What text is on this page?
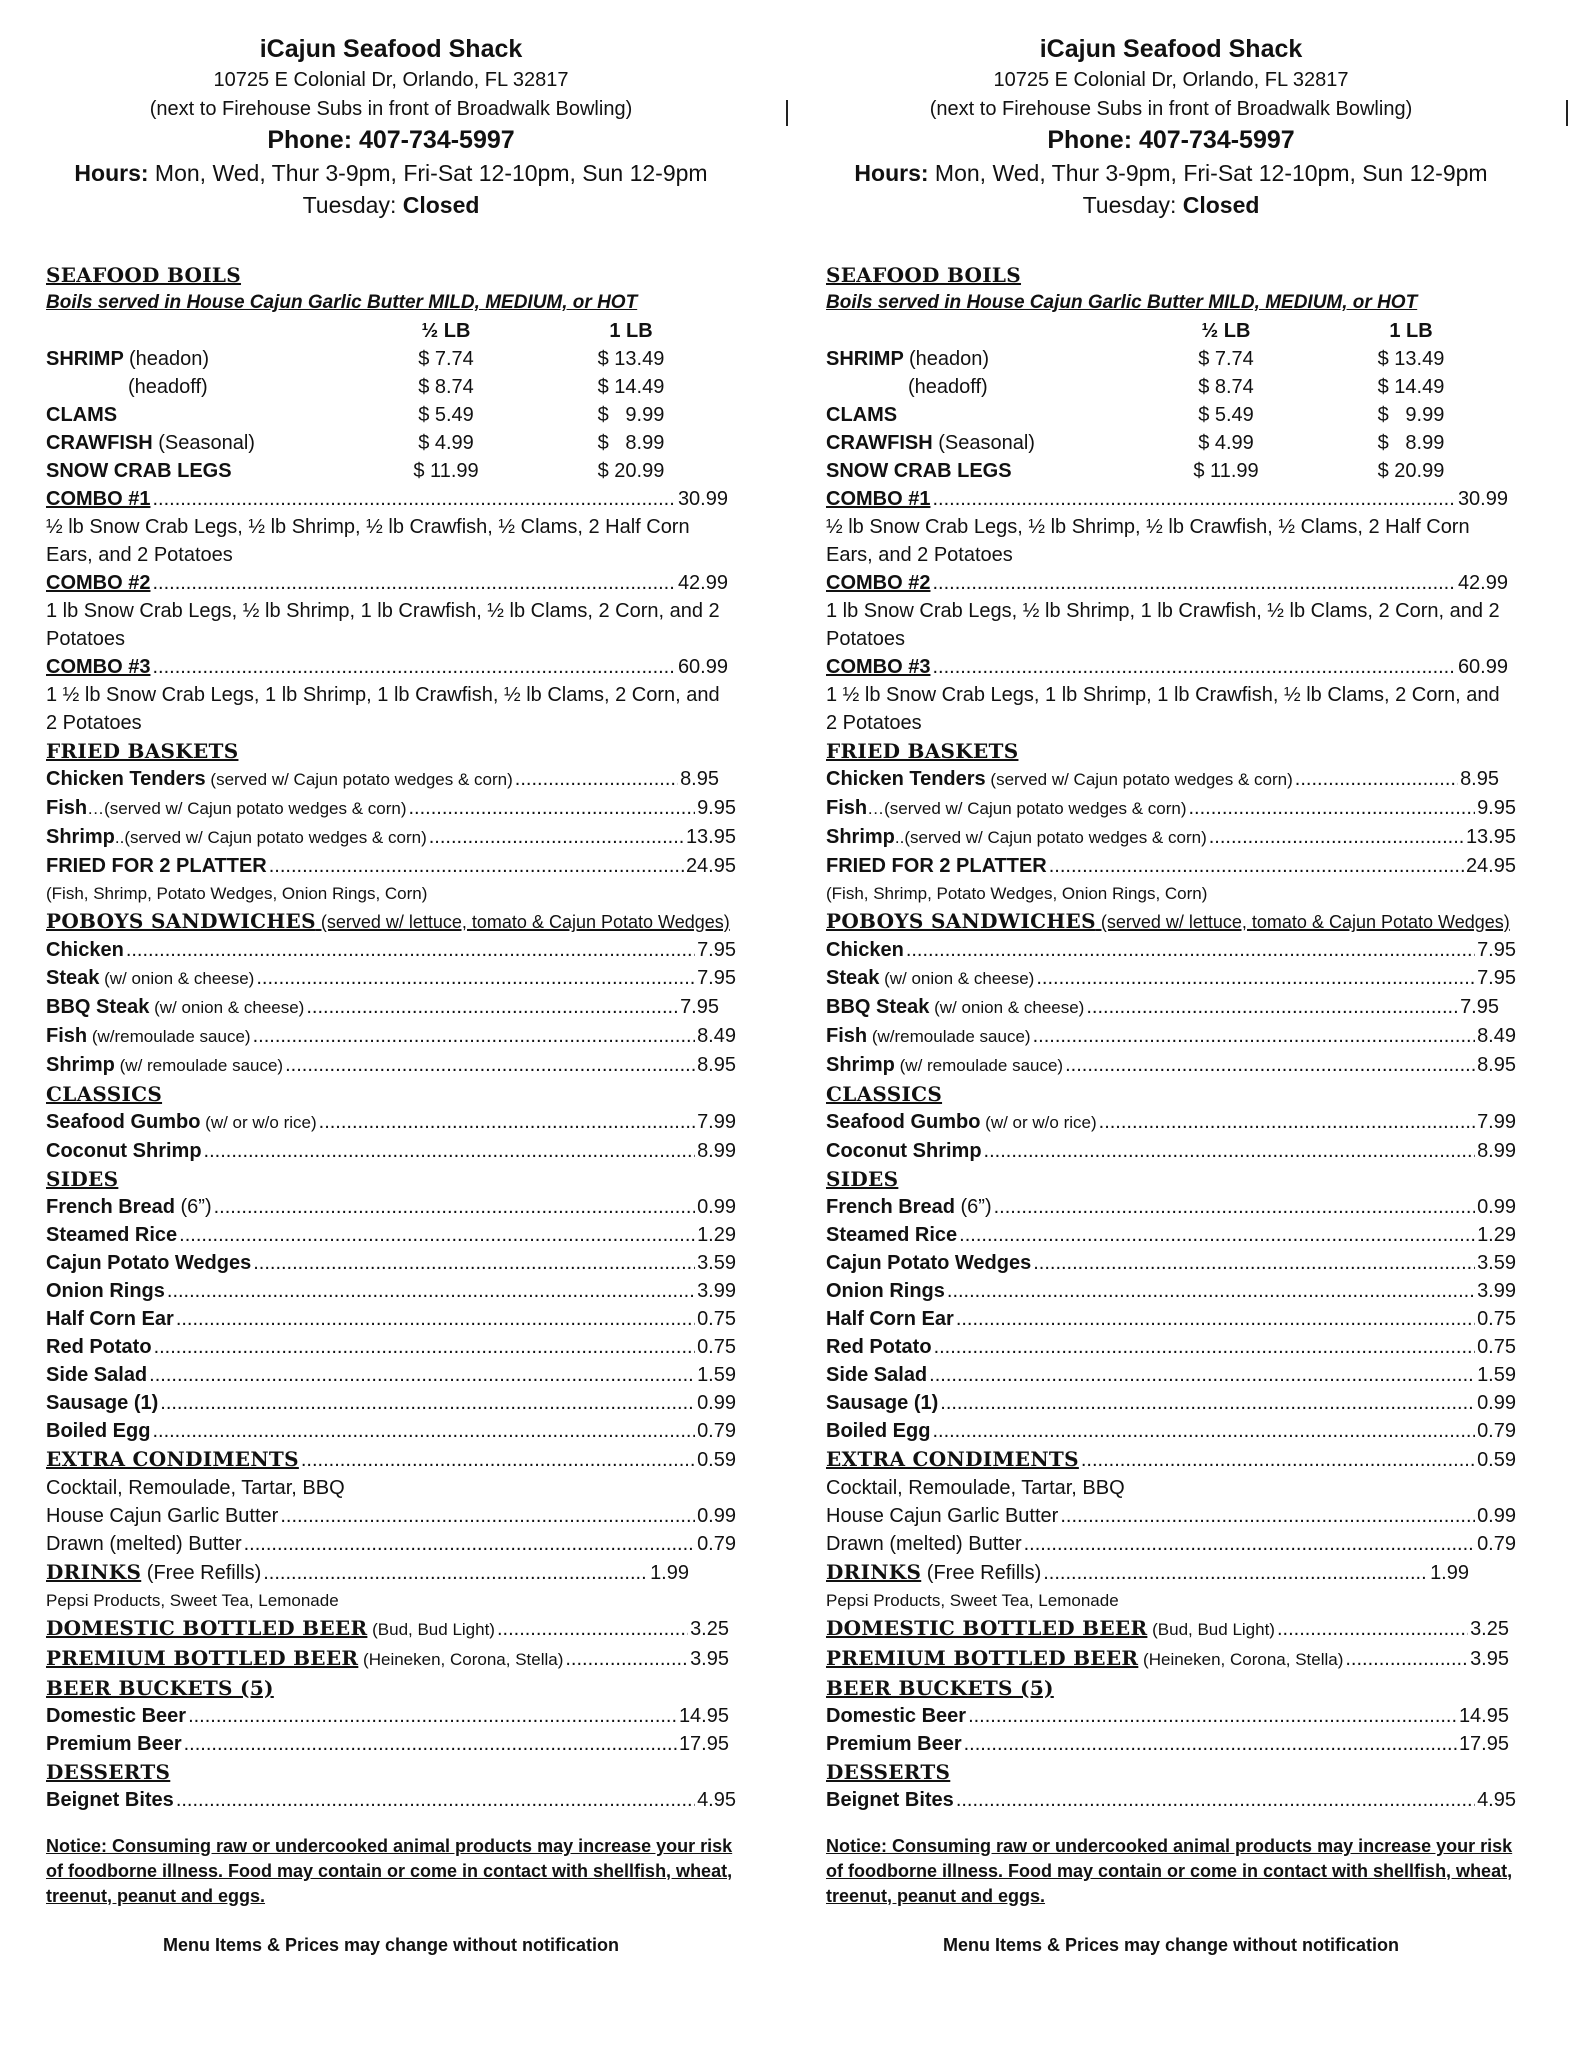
iCajun Seafood Shack
10725 E Colonial Dr, Orlando, FL 32817
(next to Firehouse Subs in front of Broadwalk Bowling)
Phone: 407-734-5997
Hours: Mon, Wed, Thur 3-9pm, Fri-Sat 12-10pm, Sun 12-9pm
Tuesday: Closed
SEAFOOD BOILS
Boils served in House Cajun Garlic Butter MILD, MEDIUM, or HOT
½ LB	1 LB
SHRIMP (headon)	$ 7.74	$ 13.49
(headoff)	$ 8.74	$ 14.49
CLAMS	$ 5.49	$   9.99
CRAWFISH (Seasonal)	$ 4.99	$   8.99
SNOW CRAB LEGS	$ 11.99	$ 20.99
COMBO #1 .....	30.99
½ lb Snow Crab Legs, ½ lb Shrimp, ½ lb Crawfish, ½ Clams, 2 Half Corn Ears, and 2 Potatoes
COMBO #2 .....	42.99
1 lb Snow Crab Legs, ½ lb Shrimp, 1 lb Crawfish, ½ lb Clams, 2 Corn, and 2 Potatoes
COMBO #3 .....	60.99
1 ½ lb Snow Crab Legs, 1 lb Shrimp, 1 lb Crawfish, ½ lb Clams, 2 Corn, and 2 Potatoes
FRIED BASKETS
Chicken Tenders (served w/ Cajun potato wedges & corn) .....	8.95
Fish…(served w/ Cajun potato wedges & corn) .....	9.95
Shrimp..(served w/ Cajun potato wedges & corn) .....	13.95
FRIED FOR 2 PLATTER .....	24.95
(Fish, Shrimp, Potato Wedges, Onion Rings, Corn)
POBOYS SANDWICHES (served w/ lettuce, tomato & Cajun Potato Wedges)
Chicken .....	7.95
Steak (w/ onion & cheese) .....	7.95
BBQ Steak (w/ onion & cheese) .....	7.95
Fish (w/remoulade sauce) .....	8.49
Shrimp (w/ remoulade sauce) .....	8.95
CLASSICS
Seafood Gumbo (w/ or w/o rice) .....	7.99
Coconut Shrimp .....	8.99
SIDES
French Bread (6”) .....	0.99
Steamed Rice .....	1.29
Cajun Potato Wedges .....	3.59
Onion Rings .....	3.99
Half Corn Ear .....	0.75
Red Potato .....	0.75
Side Salad .....	1.59
Sausage (1) .....	0.99
Boiled Egg .....	0.79
EXTRA CONDIMENTS .....	0.59
Cocktail, Remoulade, Tartar, BBQ
House Cajun Garlic Butter .....	0.99
Drawn (melted) Butter .....	0.79
DRINKS (Free Refills) .....	1.99
Pepsi Products, Sweet Tea, Lemonade
DOMESTIC BOTTLED BEER (Bud, Bud Light) .....	3.25
PREMIUM BOTTLED BEER (Heineken, Corona, Stella) .....	3.95
BEER BUCKETS (5)
Domestic Beer .....	14.95
Premium Beer .....	17.95
DESSERTS
Beignet Bites .....	4.95
Notice: Consuming raw or undercooked animal products may increase your risk of foodborne illness. Food may contain or come in contact with shellfish, wheat, treenut, peanut and eggs.
Menu Items & Prices may change without notification
iCajun Seafood Shack
10725 E Colonial Dr, Orlando, FL 32817
(next to Firehouse Subs in front of Broadwalk Bowling)
Phone: 407-734-5997
Hours: Mon, Wed, Thur 3-9pm, Fri-Sat 12-10pm, Sun 12-9pm
Tuesday: Closed
SEAFOOD BOILS
Boils served in House Cajun Garlic Butter MILD, MEDIUM, or HOT
½ LB	1 LB
SHRIMP (headon)	$ 7.74	$ 13.49
(headoff)	$ 8.74	$ 14.49
CLAMS	$ 5.49	$   9.99
CRAWFISH (Seasonal)	$ 4.99	$   8.99
SNOW CRAB LEGS	$ 11.99	$ 20.99
COMBO #1 .....	30.99
½ lb Snow Crab Legs, ½ lb Shrimp, ½ lb Crawfish, ½ Clams, 2 Half Corn Ears, and 2 Potatoes
COMBO #2 .....	42.99
1 lb Snow Crab Legs, ½ lb Shrimp, 1 lb Crawfish, ½ lb Clams, 2 Corn, and 2 Potatoes
COMBO #3 .....	60.99
1 ½ lb Snow Crab Legs, 1 lb Shrimp, 1 lb Crawfish, ½ lb Clams, 2 Corn, and 2 Potatoes
FRIED BASKETS
Chicken Tenders (served w/ Cajun potato wedges & corn) .....	8.95
Fish…(served w/ Cajun potato wedges & corn) .....	9.95
Shrimp..(served w/ Cajun potato wedges & corn) .....	13.95
FRIED FOR 2 PLATTER .....	24.95
(Fish, Shrimp, Potato Wedges, Onion Rings, Corn)
POBOYS SANDWICHES (served w/ lettuce, tomato & Cajun Potato Wedges)
Chicken .....	7.95
Steak (w/ onion & cheese) .....	7.95
BBQ Steak (w/ onion & cheese) .....	7.95
Fish (w/remoulade sauce) .....	8.49
Shrimp (w/ remoulade sauce) .....	8.95
CLASSICS
Seafood Gumbo (w/ or w/o rice) .....	7.99
Coconut Shrimp .....	8.99
SIDES
French Bread (6”) .....	0.99
Steamed Rice .....	1.29
Cajun Potato Wedges .....	3.59
Onion Rings .....	3.99
Half Corn Ear .....	0.75
Red Potato .....	0.75
Side Salad .....	1.59
Sausage (1) .....	0.99
Boiled Egg .....	0.79
EXTRA CONDIMENTS .....	0.59
Cocktail, Remoulade, Tartar, BBQ
House Cajun Garlic Butter .....	0.99
Drawn (melted) Butter .....	0.79
DRINKS (Free Refills) .....	1.99
Pepsi Products, Sweet Tea, Lemonade
DOMESTIC BOTTLED BEER (Bud, Bud Light) .....	3.25
PREMIUM BOTTLED BEER (Heineken, Corona, Stella) .....	3.95
BEER BUCKETS (5)
Domestic Beer .....	14.95
Premium Beer .....	17.95
DESSERTS
Beignet Bites .....	4.95
Notice: Consuming raw or undercooked animal products may increase your risk of foodborne illness. Food may contain or come in contact with shellfish, wheat, treenut, peanut and eggs.
Menu Items & Prices may change without notification
